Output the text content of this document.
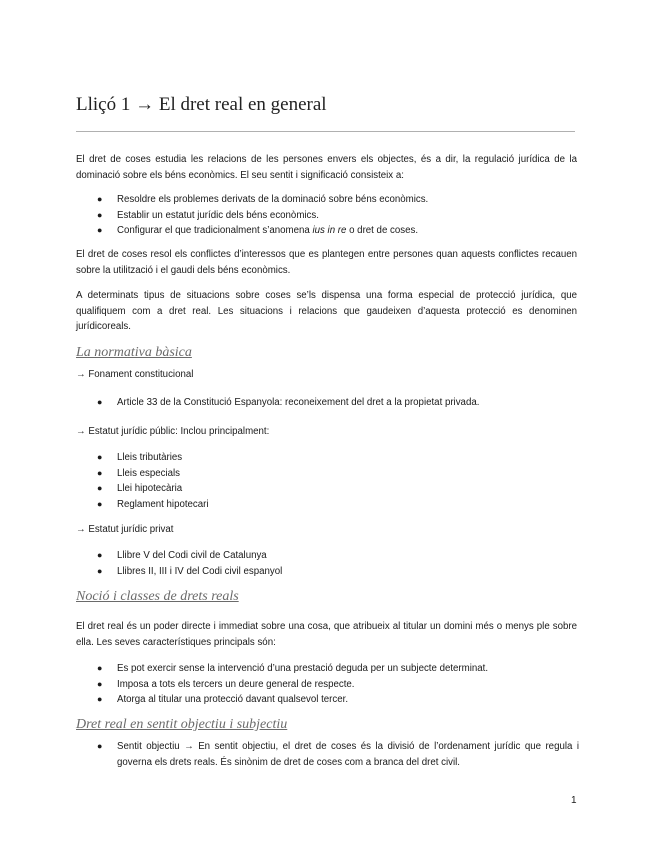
Lliçó 1 → El dret real en general

El dret de coses estudia les relacions de les persones envers els objectes, és a dir, la regulació jurídica de la dominació sobre els béns econòmics. El seu sentit i significació consisteix a:

● Resoldre els problemes derivats de la dominació sobre béns econòmics.
● Establir un estatut jurídic dels béns econòmics.
● Configurar el que tradicionalment s’anomena ius in re o dret de coses.

El dret de coses resol els conflictes d’interessos que es plantegen entre persones quan aquests conflictes recauen sobre la utilització i el gaudi dels béns econòmics.

A determinats tipus de situacions sobre coses se’ls dispensa una forma especial de protecció jurídica, que qualifiquem com a dret real. Les situacions i relacions que gaudeixen d’aquesta protecció es denominen jurídicoreals.

La normativa bàsica
→ Fonament constitucional
● Article 33 de la Constitució Espanyola: reconeixement del dret a la propietat privada.
→ Estatut jurídic públic: Inclou principalment:
● Lleis tributàries
● Lleis especials
● Llei hipotecària
● Reglament hipotecari
→ Estatut jurídic privat
● Llibre V del Codi civil de Catalunya
● Llibres II, III i IV del Codi civil espanyol
Noció i classes de drets reals

El dret real és un poder directe i immediat sobre una cosa, que atribueix al titular un domini més o menys ple sobre ella. Les seves característiques principals són:

● Es pot exercir sense la intervenció d’una prestació deguda per un subjecte determinat.
● Imposa a tots els tercers un deure general de respecte.
● Atorga al titular una protecció davant qualsevol tercer.
Dret real en sentit objectiu i subjectiu
● Sentit objectiu → En sentit objectiu, el dret de coses és la divisió de l’ordenament jurídic que regula i governa els drets reals. És sinònim de dret de coses com a branca del dret civil.
1
